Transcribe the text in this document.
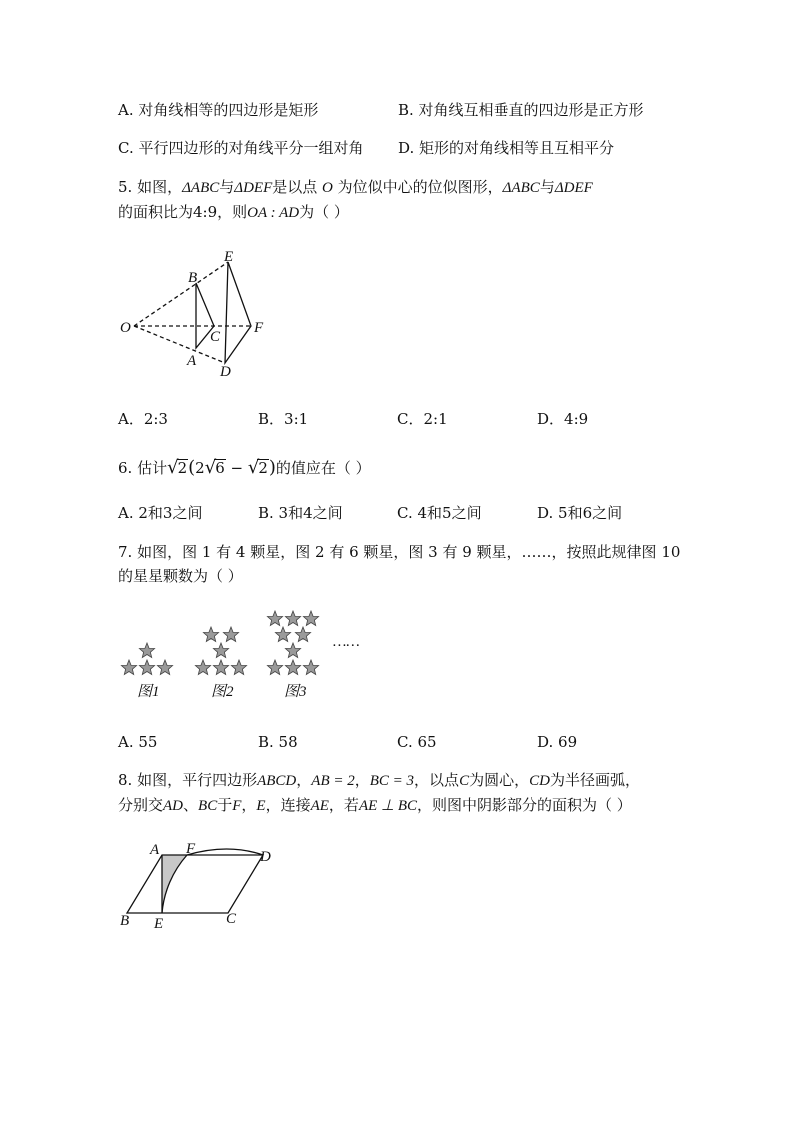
A. 对角线相等的四边形是矩形	B. 对角线互相垂直的四边形是正方形
C. 平行四边形的对角线平分一组对角 D. 矩形的对角线相等且互相平分
5. 如图，ΔABC与ΔDEF是以点 O 为位似中心的位似图形，ΔABC与ΔDEF
的面积比为4:9，则OA : AD为（ ）
E
B
O
C
F
A
D
A．2:3	B．3:1	C．2:1	D．4:9
6. 估计√2(2√6 − √2)的值应在（ ）
A. 2和3之间	B. 3和4之间	C. 4和5之间	D. 5和6之间
7. 如图，图 1 有 4 颗星，图 2 有 6 颗星，图 3 有 9 颗星，……，按照此规律图 10
的星星颗数为（ ）
……
图1	图2	图3
A. 55	B. 58	C. 65	D. 69
8. 如图，平行四边形ABCD，AB = 2，BC = 3，以点C为圆心，CD为半径画弧，
分别交AD、BC于F，E，连接AE，若AE ⊥ BC，则图中阴影部分的面积为（ ）
A F	D
B E	C
